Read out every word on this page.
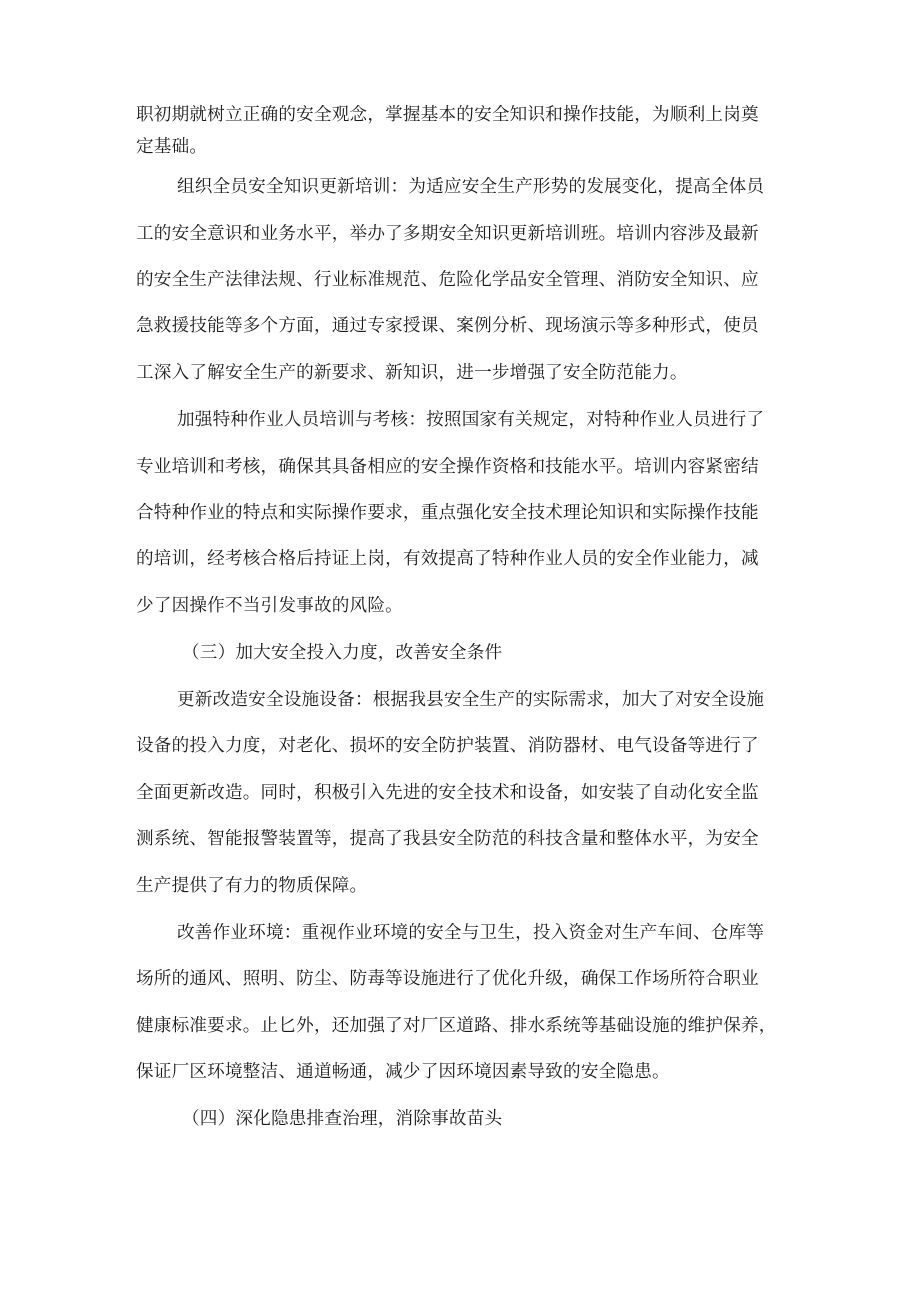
职初期就树立正确的安全观念，掌握基本的安全知识和操作技能，为顺利上岗奠
定基础。
组织全员安全知识更新培训：为适应安全生产形势的发展变化，提高全体员
工的安全意识和业务水平，举办了多期安全知识更新培训班。培训内容涉及最新
的安全生产法律法规、行业标准规范、危险化学品安全管理、消防安全知识、应
急救援技能等多个方面，通过专家授课、案例分析、现场演示等多种形式，使员
工深入了解安全生产的新要求、新知识，进一步增强了安全防范能力。
加强特种作业人员培训与考核：按照国家有关规定，对特种作业人员进行了
专业培训和考核，确保其具备相应的安全操作资格和技能水平。培训内容紧密结
合特种作业的特点和实际操作要求，重点强化安全技术理论知识和实际操作技能
的培训，经考核合格后持证上岗，有效提高了特种作业人员的安全作业能力，减
少了因操作不当引发事故的风险。
（三）加大安全投入力度，改善安全条件
更新改造安全设施设备：根据我县安全生产的实际需求，加大了对安全设施
设备的投入力度，对老化、损坏的安全防护装置、消防器材、电气设备等进行了
全面更新改造。同时，积极引入先进的安全技术和设备，如安装了自动化安全监
测系统、智能报警装置等，提高了我县安全防范的科技含量和整体水平，为安全
生产提供了有力的物质保障。
改善作业环境：重视作业环境的安全与卫生，投入资金对生产车间、仓库等
场所的通风、照明、防尘、防毒等设施进行了优化升级，确保工作场所符合职业
健康标准要求。止匕外，还加强了对厂区道路、排水系统等基础设施的维护保养，
保证厂区环境整洁、通道畅通，减少了因环境因素导致的安全隐患。
（四）深化隐患排查治理，消除事故苗头
